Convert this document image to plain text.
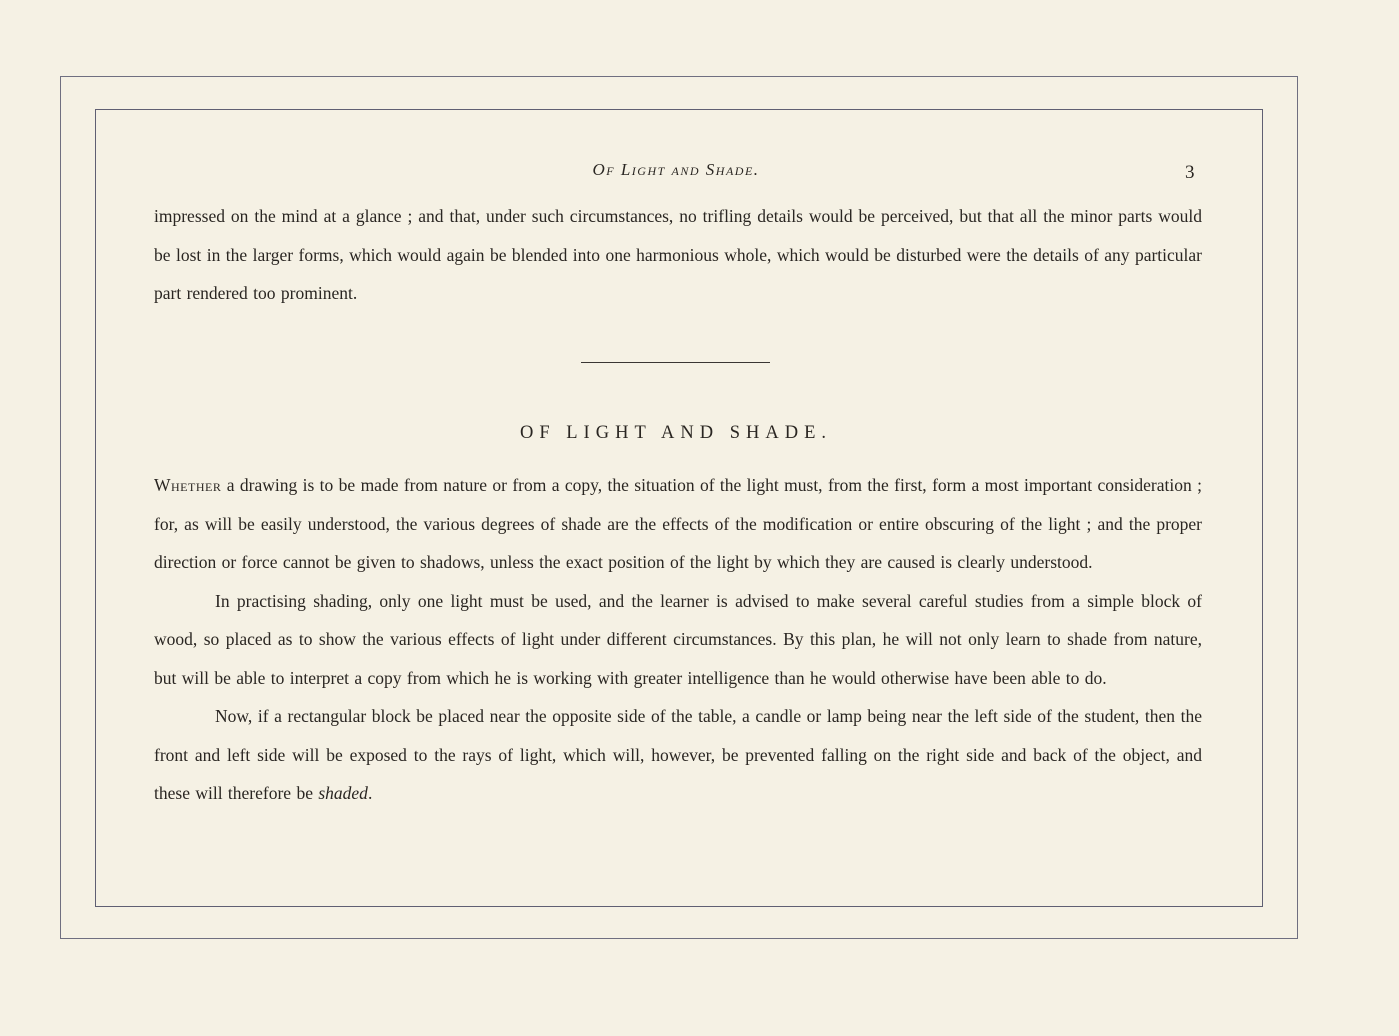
Of Light and Shade.	3

impressed on the mind at a glance ; and that, under such circumstances, no trifling details would be perceived, but that all the minor parts would be lost in the larger forms, which would again be blended into one harmonious whole, which would be disturbed were the details of any particular part rendered too prominent.

OF LIGHT AND SHADE.

Whether a drawing is to be made from nature or from a copy, the situation of the light must, from the first, form a most important consideration ; for, as will be easily understood, the various degrees of shade are the effects of the modification or entire obscuring of the light ; and the proper direction or force cannot be given to shadows, unless the exact position of the light by which they are caused is clearly understood.

In practising shading, only one light must be used, and the learner is advised to make several careful studies from a simple block of wood, so placed as to show the various effects of light under different circumstances. By this plan, he will not only learn to shade from nature, but will be able to interpret a copy from which he is working with greater intelligence than he would otherwise have been able to do.

Now, if a rectangular block be placed near the opposite side of the table, a candle or lamp being near the left side of the student, then the front and left side will be exposed to the rays of light, which will, however, be prevented falling on the right side and back of the object, and these will therefore be shaded.
